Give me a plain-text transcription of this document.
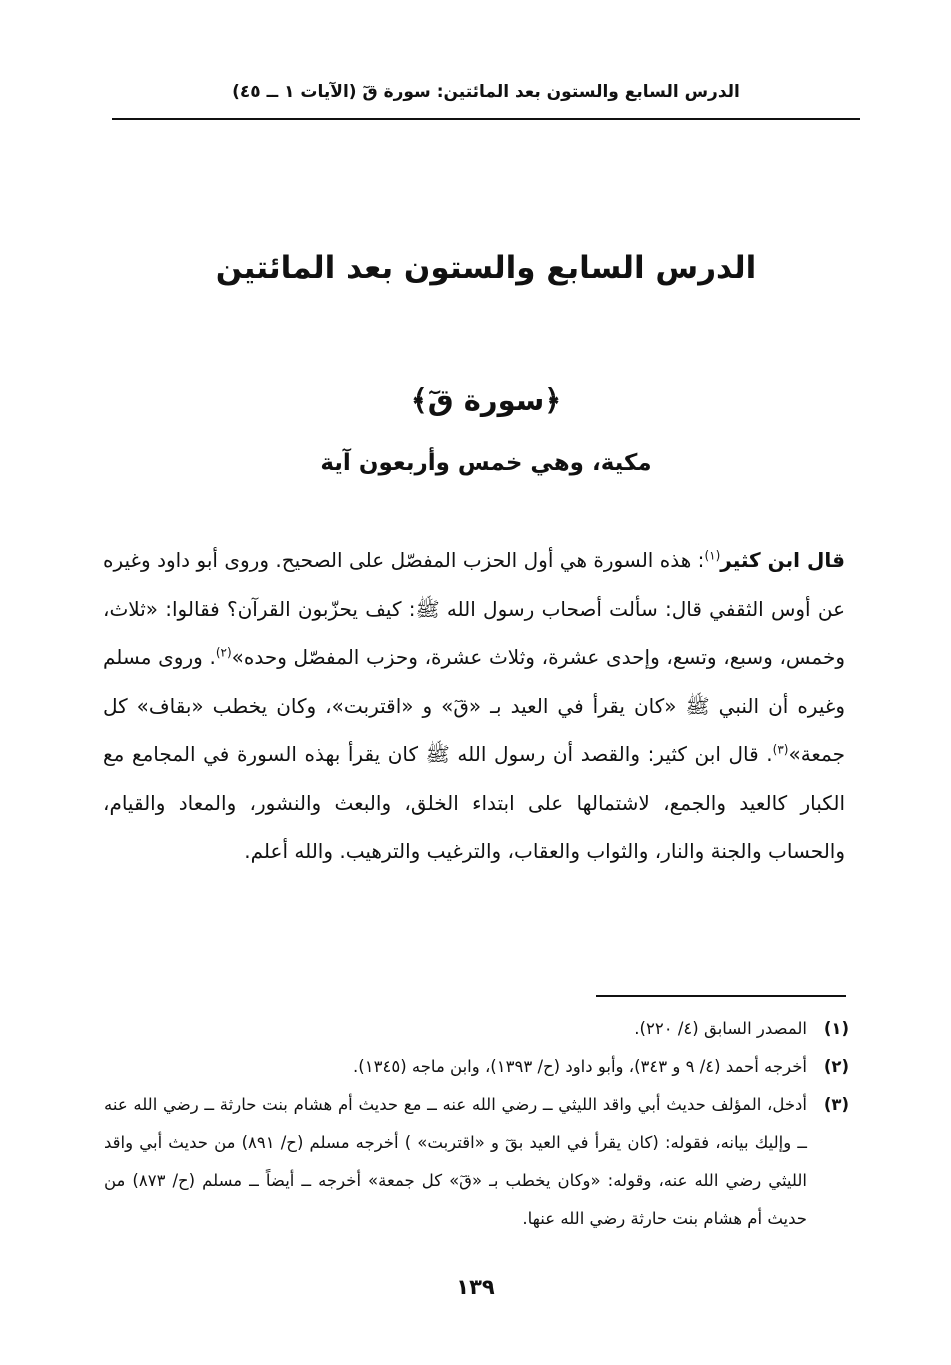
الدرس السابع والستون بعد المائتين: سورة قٓ (الآيات ١ ــ ٤٥)
الدرس السابع والستون بعد المائتين
﴿سورة قٓ﴾
مكية، وهي خمس وأربعون آية

قال ابن كثير$^{(١)}$: هذه السورة هي أول الحزب المفصّل على الصحيح. وروى أبو داود وغيره عن أوس الثقفي قال: سألت أصحاب رسول الله ﷺ: كيف يحزّبون القرآن؟ فقالوا: «ثلاث، وخمس، وسبع، وتسع، وإحدى عشرة، وثلاث عشرة، وحزب المفصّل وحده»$^{(٢)}$. وروى مسلم وغيره أن النبي ﷺ «كان يقرأ في العيد بـ «قٓ» و «اقتربت»، وكان يخطب «بقاف» كل جمعة»$^{(٣)}$. قال ابن كثير: والقصد أن رسول الله ﷺ كان يقرأ بهذه السورة في المجامع مع الكبار كالعيد والجمع، لاشتمالها على ابتداء الخلق، والبعث والنشور، والمعاد والقيام، والحساب والجنة والنار، والثواب والعقاب، والترغيب والترهيب. والله أعلم.

(١)
المصدر السابق (٤/ ٢٢٠).
(٢)
أخرجه أحمد (٤/ ٩ و ٣٤٣)، وأبو داود (ح/ ١٣٩٣)، وابن ماجه (١٣٤٥).
(٣)
أدخل، المؤلف حديث أبي واقد الليثي ــ رضي الله عنه ــ مع حديث أم هشام بنت حارثة ــ رضي الله عنه ــ وإليك بيانه، فقوله: (كان يقرأ في العيد بقٓ و «اقتربت» ) أخرجه مسلم (ح/ ٨٩١) من حديث أبي واقد الليثي رضي الله عنه، وقوله: «وكان يخطب بـ «قٓ» كل جمعة» أخرجه ــ أيضاً ــ مسلم (ح/ ٨٧٣) من حديث أم هشام بنت حارثة رضي الله عنها.
١٣٩
